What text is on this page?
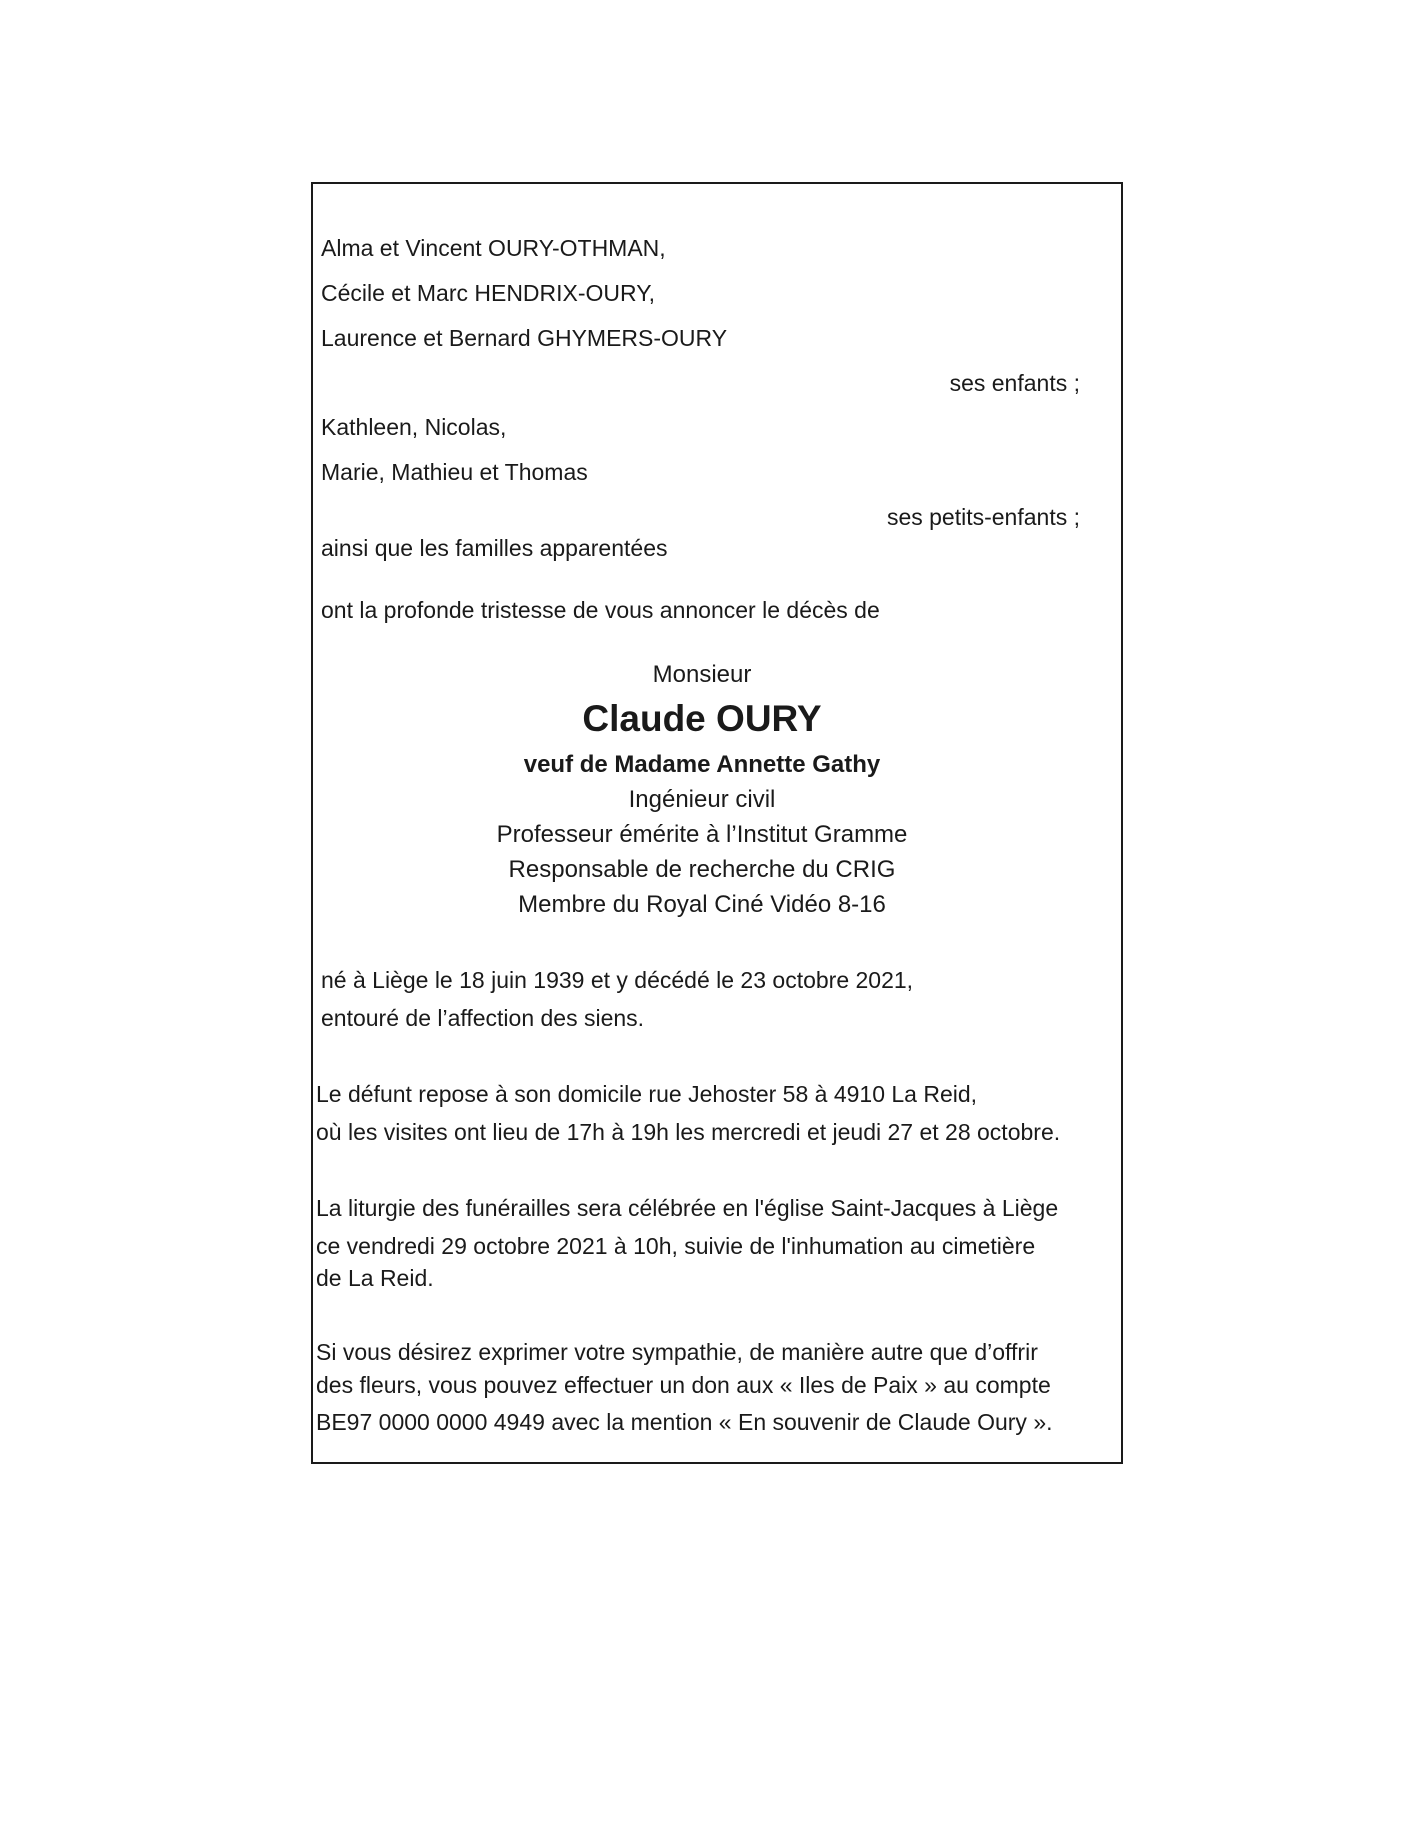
Alma et Vincent OURY-OTHMAN,
Cécile et Marc HENDRIX-OURY,
Laurence et Bernard GHYMERS-OURY
ses enfants ;
Kathleen, Nicolas,
Marie, Mathieu et Thomas
ses petits-enfants ;
ainsi que les familles apparentées
ont la profonde tristesse de vous annoncer le décès de
Monsieur
Claude OURY
veuf de Madame Annette Gathy
Ingénieur civil
Professeur émérite à l’Institut Gramme
Responsable de recherche du CRIG
Membre du Royal Ciné Vidéo 8-16
né à Liège le 18 juin 1939 et y décédé le 23 octobre 2021,
entouré de l’affection des siens.
Le défunt repose à son domicile rue Jehoster 58 à 4910 La Reid,
où les visites ont lieu de 17h à 19h les mercredi et jeudi 27 et 28 octobre.
La liturgie des funérailles sera célébrée en l'église Saint-Jacques à Liège
ce vendredi 29 octobre 2021 à 10h, suivie de l'inhumation au cimetière
de La Reid.
Si vous désirez exprimer votre sympathie, de manière autre que d’offrir
des fleurs, vous pouvez effectuer un don aux « Iles de Paix » au compte
BE97 0000 0000 4949 avec la mention « En souvenir de Claude Oury ».
